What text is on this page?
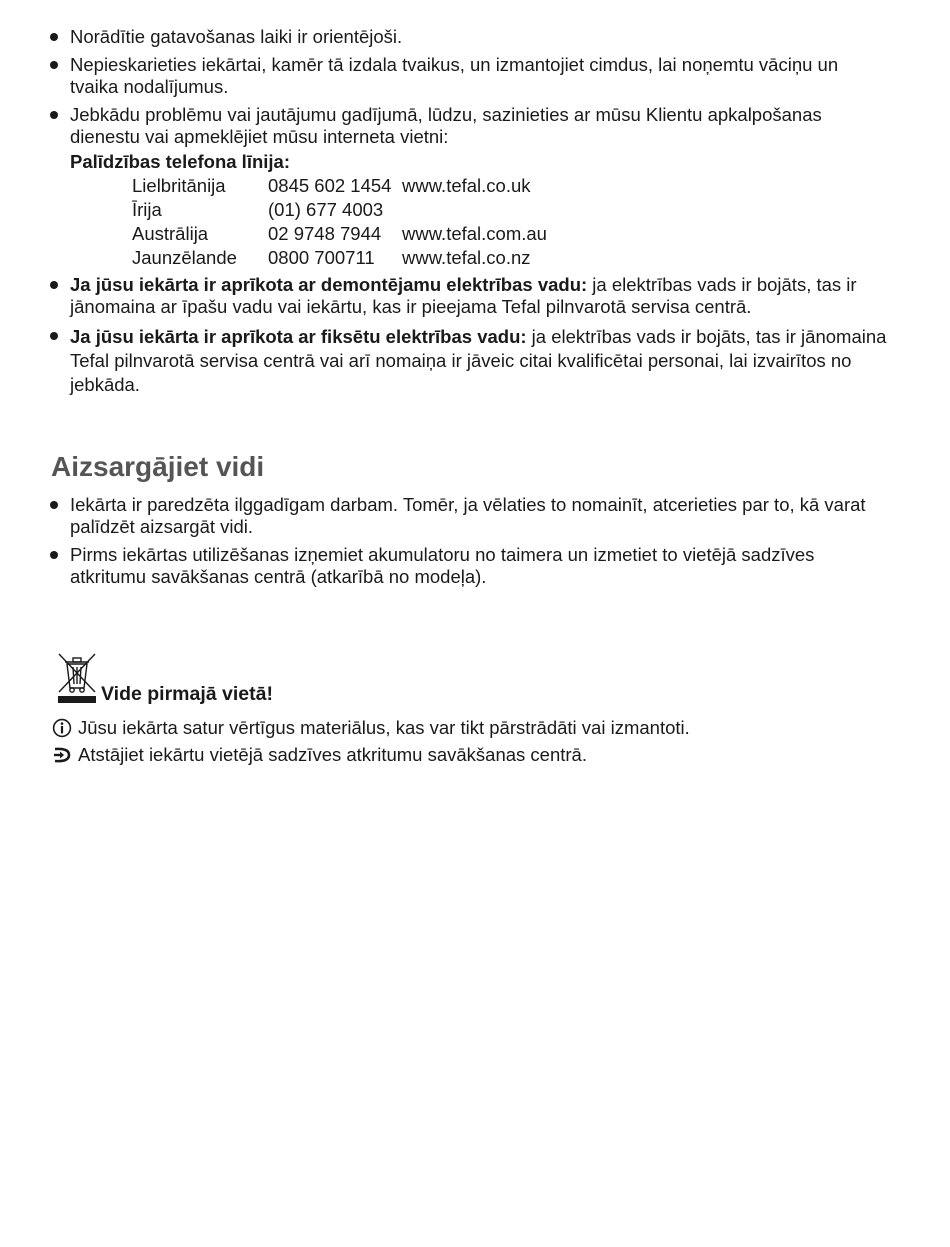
Norādītie gatavošanas laiki ir orientējoši.
Nepieskarieties iekārtai, kamēr tā izdala tvaikus, un izmantojiet cimdus, lai noņemtu vāciņu un tvaika nodalījumus.
Jebkādu problēmu vai jautājumu gadījumā, lūdzu, sazinieties ar mūsu Klientu apkalpošanas dienestu vai apmeklējiet mūsu interneta vietni:
Palīdzības telefona līnija:
Lielbritānija	0845 602 1454 www.tefal.co.uk
Īrija	(01) 677 4003
Austrālija	02 9748 7944	www.tefal.com.au
Jaunzēlande	0800 700711	www.tefal.co.nz
Ja jūsu iekārta ir aprīkota ar demontējamu elektrības vadu: ja elektrības vads ir bojāts, tas ir jānomaina ar īpašu vadu vai iekārtu, kas ir pieejama Tefal pilnvarotā servisa centrā.
Ja jūsu iekārta ir aprīkota ar fiksētu elektrības vadu: ja elektrības vads ir bojāts, tas ir jānomaina Tefal pilnvarotā servisa centrā vai arī nomaiņa ir jāveic citai kvalificētai personai, lai izvairītos no jebkāda.
Aizsargājiet vidi
Iekārta ir paredzēta ilggadīgam darbam. Tomēr, ja vēlaties to nomainīt, atcerieties par to, kā varat palīdzēt aizsargāt vidi.
Pirms iekārtas utilizēšanas izņemiet akumulatoru no taimera un izmetiet to vietējā sadzīves atkritumu savākšanas centrā (atkarībā no modeļa).
Vide pirmajā vietā!
Jūsu iekārta satur vērtīgus materiālus, kas var tikt pārstrādāti vai izmantoti.
Atstājiet iekārtu vietējā sadzīves atkritumu savākšanas centrā.
